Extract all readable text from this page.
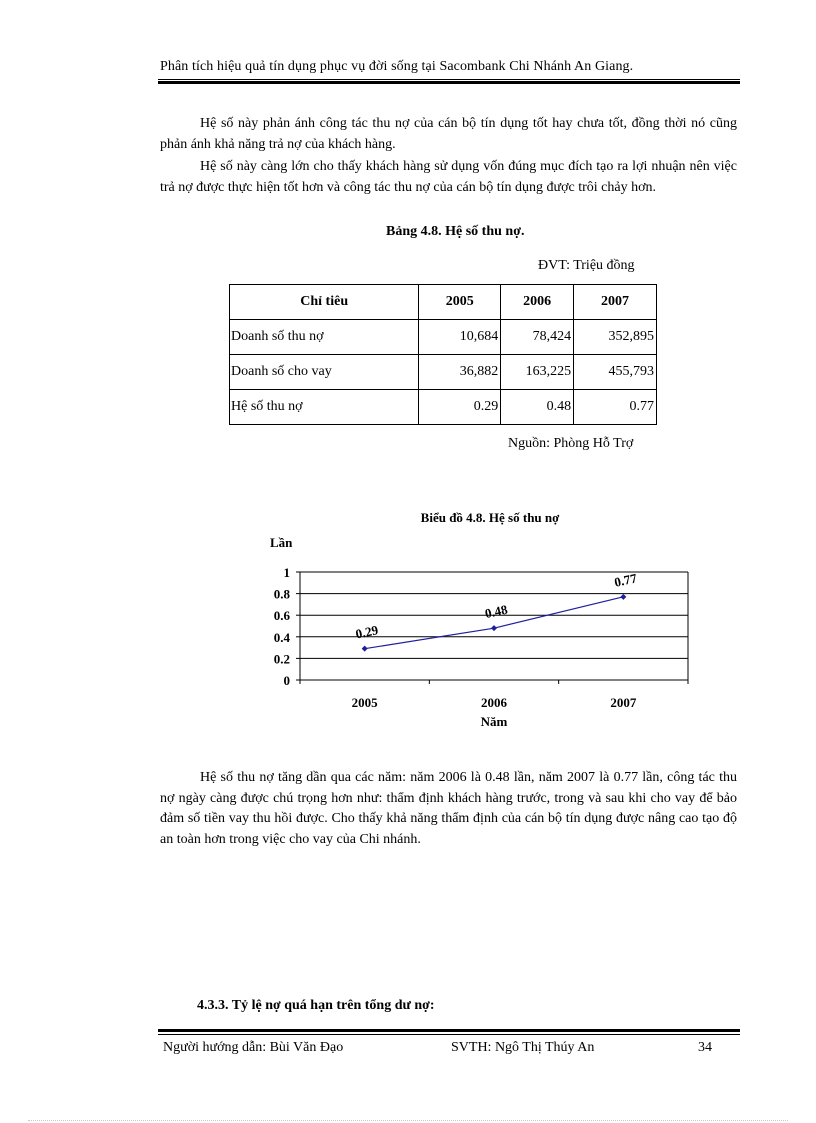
Phân tích hiệu quả tín dụng phục vụ đời sống tại Sacombank Chi Nhánh An Giang.
Hệ số này phản ánh công tác thu nợ của cán bộ tín dụng tốt hay chưa tốt, đồng thời nó cũng phản ánh khả năng trả nợ của khách hàng.
Hệ số này càng lớn cho thấy khách hàng sử dụng vốn đúng mục đích tạo ra lợi nhuận nên việc trả nợ được thực hiện tốt hơn và công tác thu nợ của cán bộ tín dụng được trôi chảy hơn.
Bảng 4.8. Hệ số thu nợ.
ĐVT: Triệu đồng
Chỉ tiêu	2005	2006	2007
Doanh số thu nợ	10,684	78,424	352,895
Doanh số cho vay	36,882	163,225	455,793
Hệ số thu nợ	0.29	0.48	0.77
Nguồn: Phòng Hỗ Trợ
Biểu đồ 4.8. Hệ số thu nợ
Lần
Năm
0
0.2
0.4
0.6
0.8
1
2005	2006	2007
0.29
0.48
0.77
Hệ số thu nợ tăng dần qua các năm: năm 2006 là 0.48 lần, năm 2007 là 0.77 lần, công tác thu nợ ngày càng được chú trọng hơn như: thẩm định khách hàng trước, trong và sau khi cho vay để bảo đảm số tiền vay thu hồi được. Cho thấy khả năng thẩm định của cán bộ tín dụng được nâng cao tạo độ an toàn hơn trong việc cho vay của Chi nhánh.
4.3.3. Tỷ lệ nợ quá hạn trên tổng dư nợ:
Người hướng dẫn: Bùi Văn Đạo	SVTH: Ngô Thị Thúy An	34
